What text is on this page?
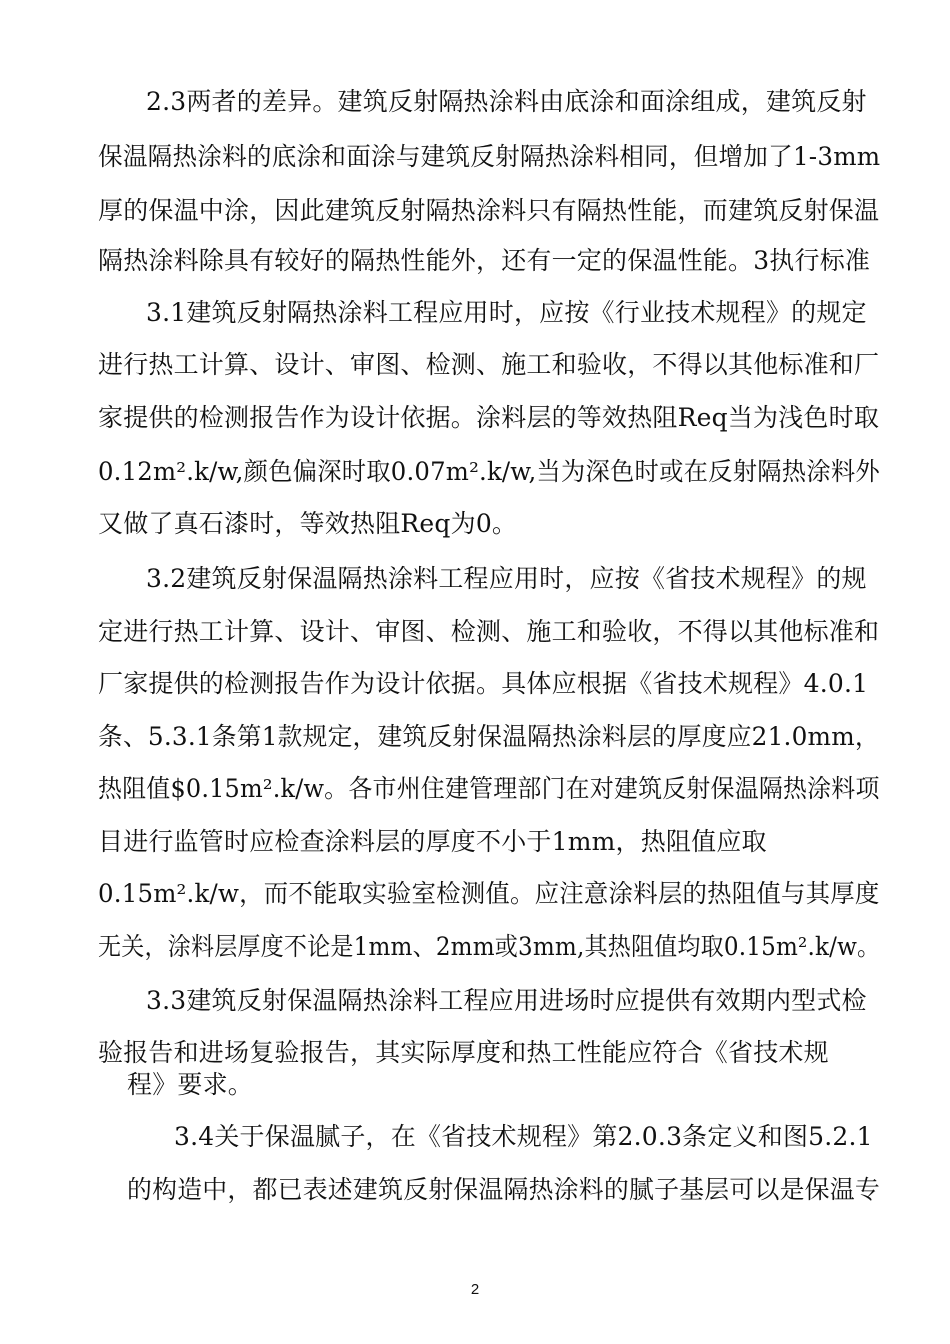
2.3两者的差异。建筑反射隔热涂料由底涂和面涂组成，建筑反射
保温隔热涂料的底涂和面涂与建筑反射隔热涂料相同，但增加了1-3mm
厚的保温中涂，因此建筑反射隔热涂料只有隔热性能，而建筑反射保温
隔热涂料除具有较好的隔热性能外，还有一定的保温性能。3执行标准
3.1建筑反射隔热涂料工程应用时，应按《行业技术规程》的规定
进行热工计算、设计、审图、检测、施工和验收，不得以其他标准和厂
家提供的检测报告作为设计依据。涂料层的等效热阻Req当为浅色时取
0.12m².k/w,颜色偏深时取0.07m².k/w,当为深色时或在反射隔热涂料外
又做了真石漆时，等效热阻Req为0。
3.2建筑反射保温隔热涂料工程应用时，应按《省技术规程》的规
定进行热工计算、设计、审图、检测、施工和验收，不得以其他标准和
厂家提供的检测报告作为设计依据。具体应根据《省技术规程》4.0.1
条、5.3.1条第1款规定，建筑反射保温隔热涂料层的厚度应21.0mm，
热阻值$0.15m².k/w。各市州住建管理部门在对建筑反射保温隔热涂料项
目进行监管时应检查涂料层的厚度不小于1mm，热阻值应取
0.15m².k/w，而不能取实验室检测值。应注意涂料层的热阻值与其厚度
无关，涂料层厚度不论是1mm、2mm或3mm,其热阻值均取0.15m².k/w。
3.3建筑反射保温隔热涂料工程应用进场时应提供有效期内型式检
验报告和进场复验报告，其实际厚度和热工性能应符合《省技术规
程》要求。
3.4关于保温腻子，在《省技术规程》第2.0.3条定义和图5.2.1
的构造中，都已表述建筑反射保温隔热涂料的腻子基层可以是保温专
2
